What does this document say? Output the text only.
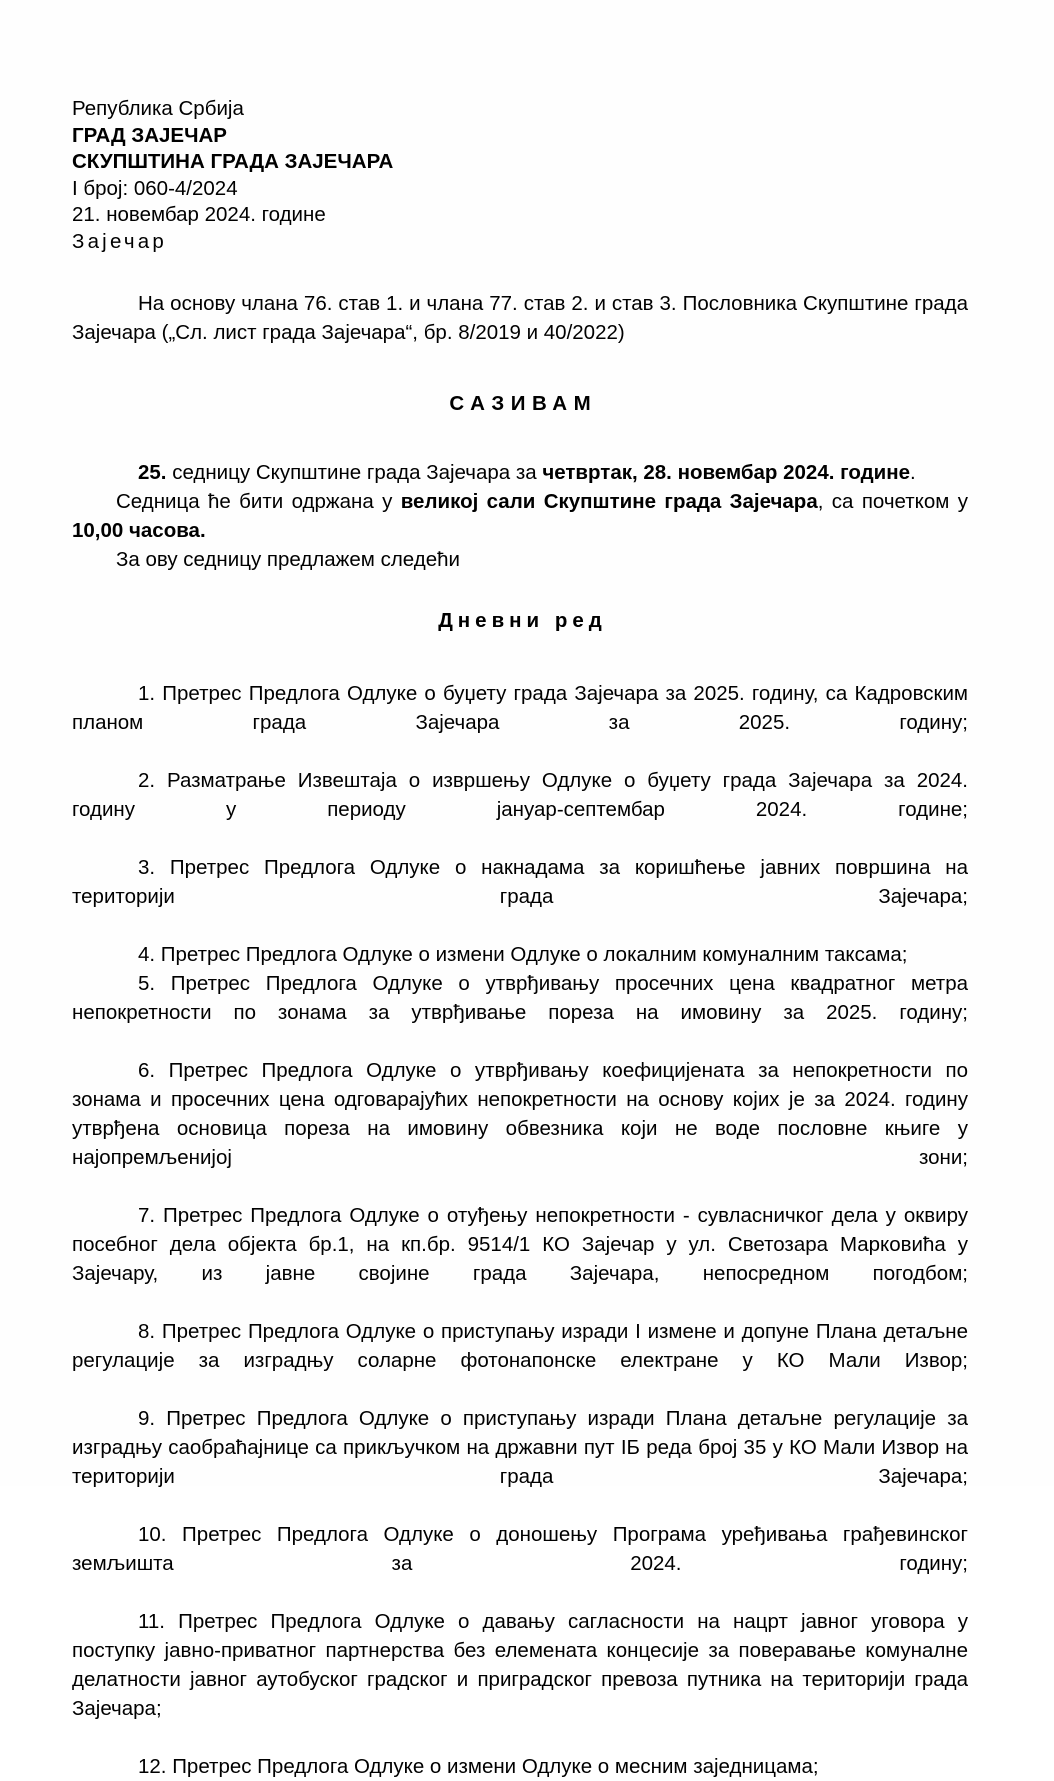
Република Србија
ГРАД ЗАЈЕЧАР
СКУПШТИНА ГРАДА ЗАЈЕЧАРА
I број: 060-4/2024
21. новембар 2024. године
Зајечар

На основу члана 76. став 1. и члана 77. став 2. и став 3. Пословника Скупштине града Зајечара („Сл. лист града Зајечара“, бр. 8/2019 и 40/2022)

САЗИВАМ

25. седницу Скупштине града Зајечара за четвртак, 28. новембар 2024. године.

Седница ће бити одржана у великој сали Скупштине града Зајечара, са почетком у 10,00 часова.

За ову седницу предлажем следећи

Дневни ред

1. Претрес Предлога Одлуке о буџету града Зајечара за 2025. годину, са Кадровским планом града Зајечара за 2025. годину;

2. Разматрање Извештаја о извршењу Одлуке о буџету града Зајечара за 2024. годину у периоду јануар-септембар 2024. године;

3. Претрес Предлога Одлуке о накнадама за коришћење јавних површина на територији града Зајечара;

4. Претрес Предлога Одлуке о измени Одлуке о локалним комуналним таксама;

5. Претрес Предлога Одлуке о утврђивању просечних цена квадратног метра непокретности по зонама за утврђивање пореза на имовину за 2025. годину;

6. Претрес Предлога Одлуке о утврђивању коефицијената за непокретности по зонама и просечних цена одговарајућих непокретности на основу којих је за 2024. годину утврђена основица пореза на имовину обвезника који не воде пословне књиге у најопремљенијој зони;

7. Претрес Предлога Одлуке о отуђењу непокретности - сувласничког дела у оквиру посебног дела објекта бр.1, на кп.бр. 9514/1 КО Зајечар у ул. Светозара Марковића у Зајечару, из јавне својине града Зајечара, непосредном погодбом;

8. Претрес Предлога Одлуке о приступању изради I измене и допуне Плана детаљне регулације за изградњу соларне фотонапонске електране у КО Мали Извор;

9. Претрес Предлога Одлуке о приступању изради Плана детаљне регулације за изградњу саобраћајнице са прикључком на државни пут IБ реда број 35 у КО Мали Извор на територији града Зајечара;

10. Претрес Предлога Одлуке о доношењу Програма уређивања грађевинског земљишта за 2024. годину;

11. Претрес Предлога Одлуке о давању сагласности на нацрт јавног уговора у поступку јавно-приватног партнерства без елемената концесије за поверавање комуналне делатности јавног аутобуског градског и приградског превоза путника на територији града Зајечара;

12. Претрес Предлога Одлуке о измени Одлуке о месним заједницама;
